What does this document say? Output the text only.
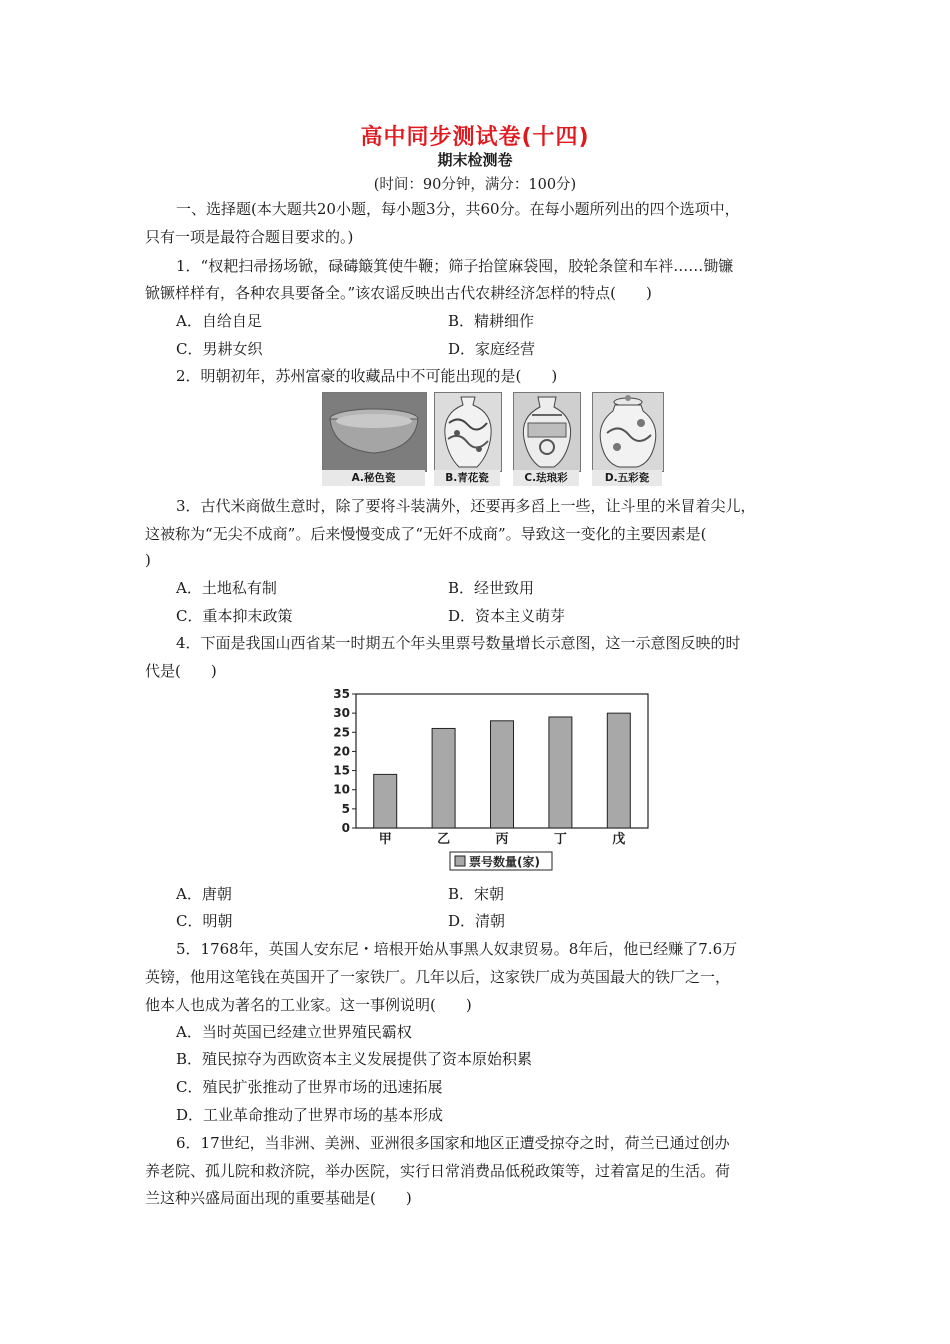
高中同步测试卷(十四)
期末检测卷
(时间：90分钟，满分：100分)
一、选择题(本大题共20小题，每小题3分，共60分。在每小题所列出的四个选项中，
只有一项是最符合题目要求的。)
1．“杈耙扫帚扬场锨，碌碡簸箕使牛鞭；筛子抬筐麻袋囤，胶轮条筐和车袢……锄镰
锨镢样样有，各种农具要备全。”该农谣反映出古代农耕经济怎样的特点(　　)
A．自给自足	B．精耕细作
C．男耕女织	D．家庭经营
2．明朝初年，苏州富豪的收藏品中不可能出现的是(　　)
A.秘色瓷	B.青花瓷	C.珐琅彩	D.五彩瓷
3．古代米商做生意时，除了要将斗装满外，还要再多舀上一些，让斗里的米冒着尖儿，
这被称为“无尖不成商”。后来慢慢变成了“无奸不成商”。导致这一变化的主要因素是(
)
A．土地私有制	B．经世致用
C．重本抑末政策	D．资本主义萌芽
4．下面是我国山西省某一时期五个年头里票号数量增长示意图，这一示意图反映的时
代是(　　)
0
5
10
15
20
25
30
35
甲	乙	丙	丁	戊
票号数量(家)
A．唐朝	B．宋朝
C．明朝	D．清朝
5．1768年，英国人安东尼・培根开始从事黑人奴隶贸易。8年后，他已经赚了7.6万
英镑，他用这笔钱在英国开了一家铁厂。几年以后，这家铁厂成为英国最大的铁厂之一，
他本人也成为著名的工业家。这一事例说明(　　)
A．当时英国已经建立世界殖民霸权
B．殖民掠夺为西欧资本主义发展提供了资本原始积累
C．殖民扩张推动了世界市场的迅速拓展
D．工业革命推动了世界市场的基本形成
6．17世纪，当非洲、美洲、亚洲很多国家和地区正遭受掠夺之时，荷兰已通过创办
养老院、孤儿院和救济院，举办医院，实行日常消费品低税政策等，过着富足的生活。荷
兰这种兴盛局面出现的重要基础是(　　)
